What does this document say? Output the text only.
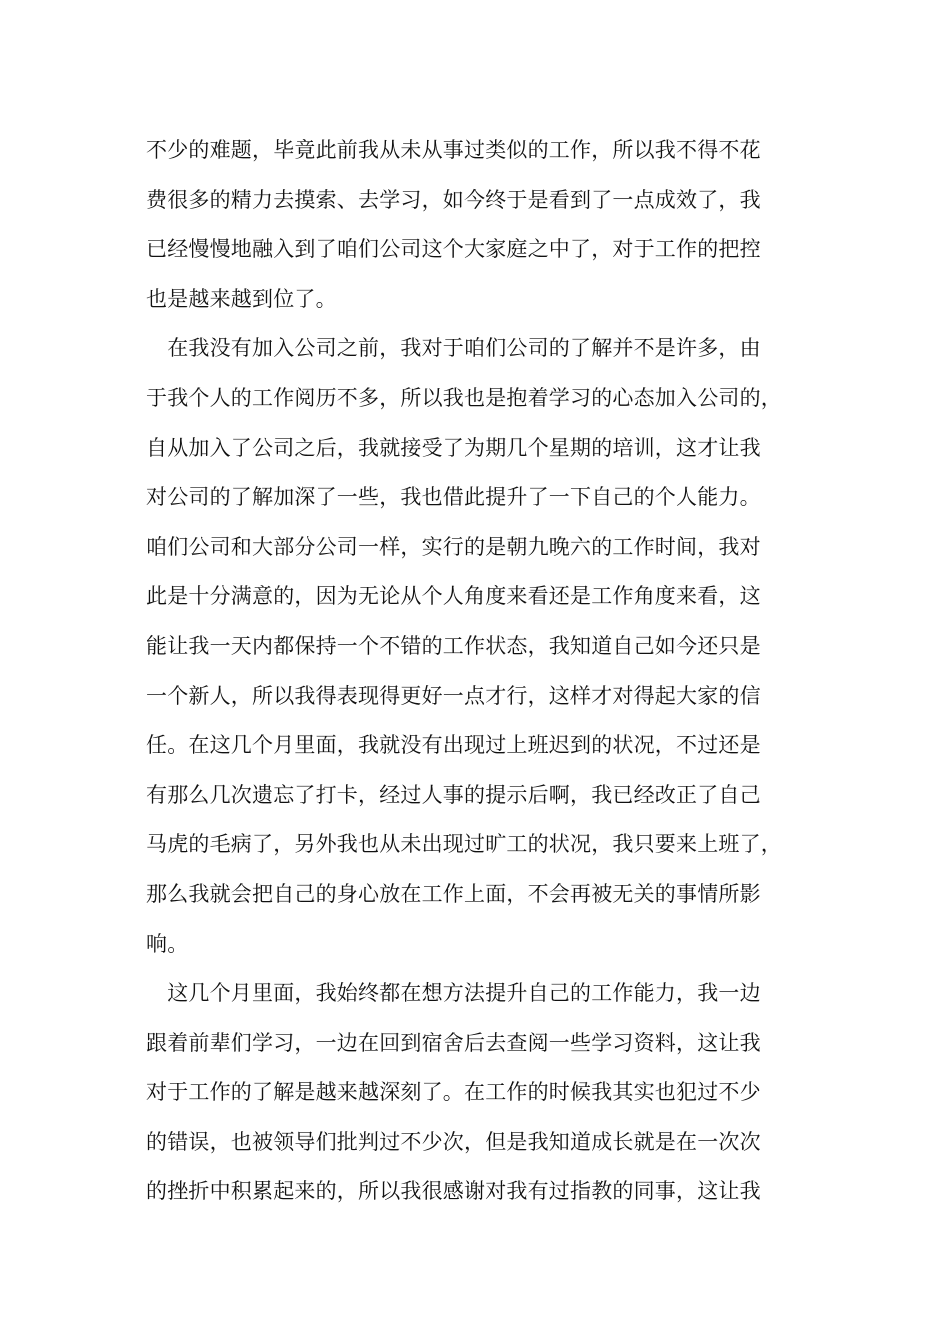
不少的难题，毕竟此前我从未从事过类似的工作，所以我不得不花
费很多的精力去摸索、去学习，如今终于是看到了一点成效了，我
已经慢慢地融入到了咱们公司这个大家庭之中了，对于工作的把控
也是越来越到位了。
　在我没有加入公司之前，我对于咱们公司的了解并不是许多，由
于我个人的工作阅历不多，所以我也是抱着学习的心态加入公司的，
自从加入了公司之后，我就接受了为期几个星期的培训，这才让我
对公司的了解加深了一些，我也借此提升了一下自己的个人能力。
咱们公司和大部分公司一样，实行的是朝九晚六的工作时间，我对
此是十分满意的，因为无论从个人角度来看还是工作角度来看，这
能让我一天内都保持一个不错的工作状态，我知道自己如今还只是
一个新人，所以我得表现得更好一点才行，这样才对得起大家的信
任。在这几个月里面，我就没有出现过上班迟到的状况，不过还是
有那么几次遗忘了打卡，经过人事的提示后啊，我已经改正了自己
马虎的毛病了，另外我也从未出现过旷工的状况，我只要来上班了，
那么我就会把自己的身心放在工作上面，不会再被无关的事情所影
响。
　这几个月里面，我始终都在想方法提升自己的工作能力，我一边
跟着前辈们学习，一边在回到宿舍后去查阅一些学习资料，这让我
对于工作的了解是越来越深刻了。在工作的时候我其实也犯过不少
的错误，也被领导们批判过不少次，但是我知道成长就是在一次次
的挫折中积累起来的，所以我很感谢对我有过指教的同事，这让我
